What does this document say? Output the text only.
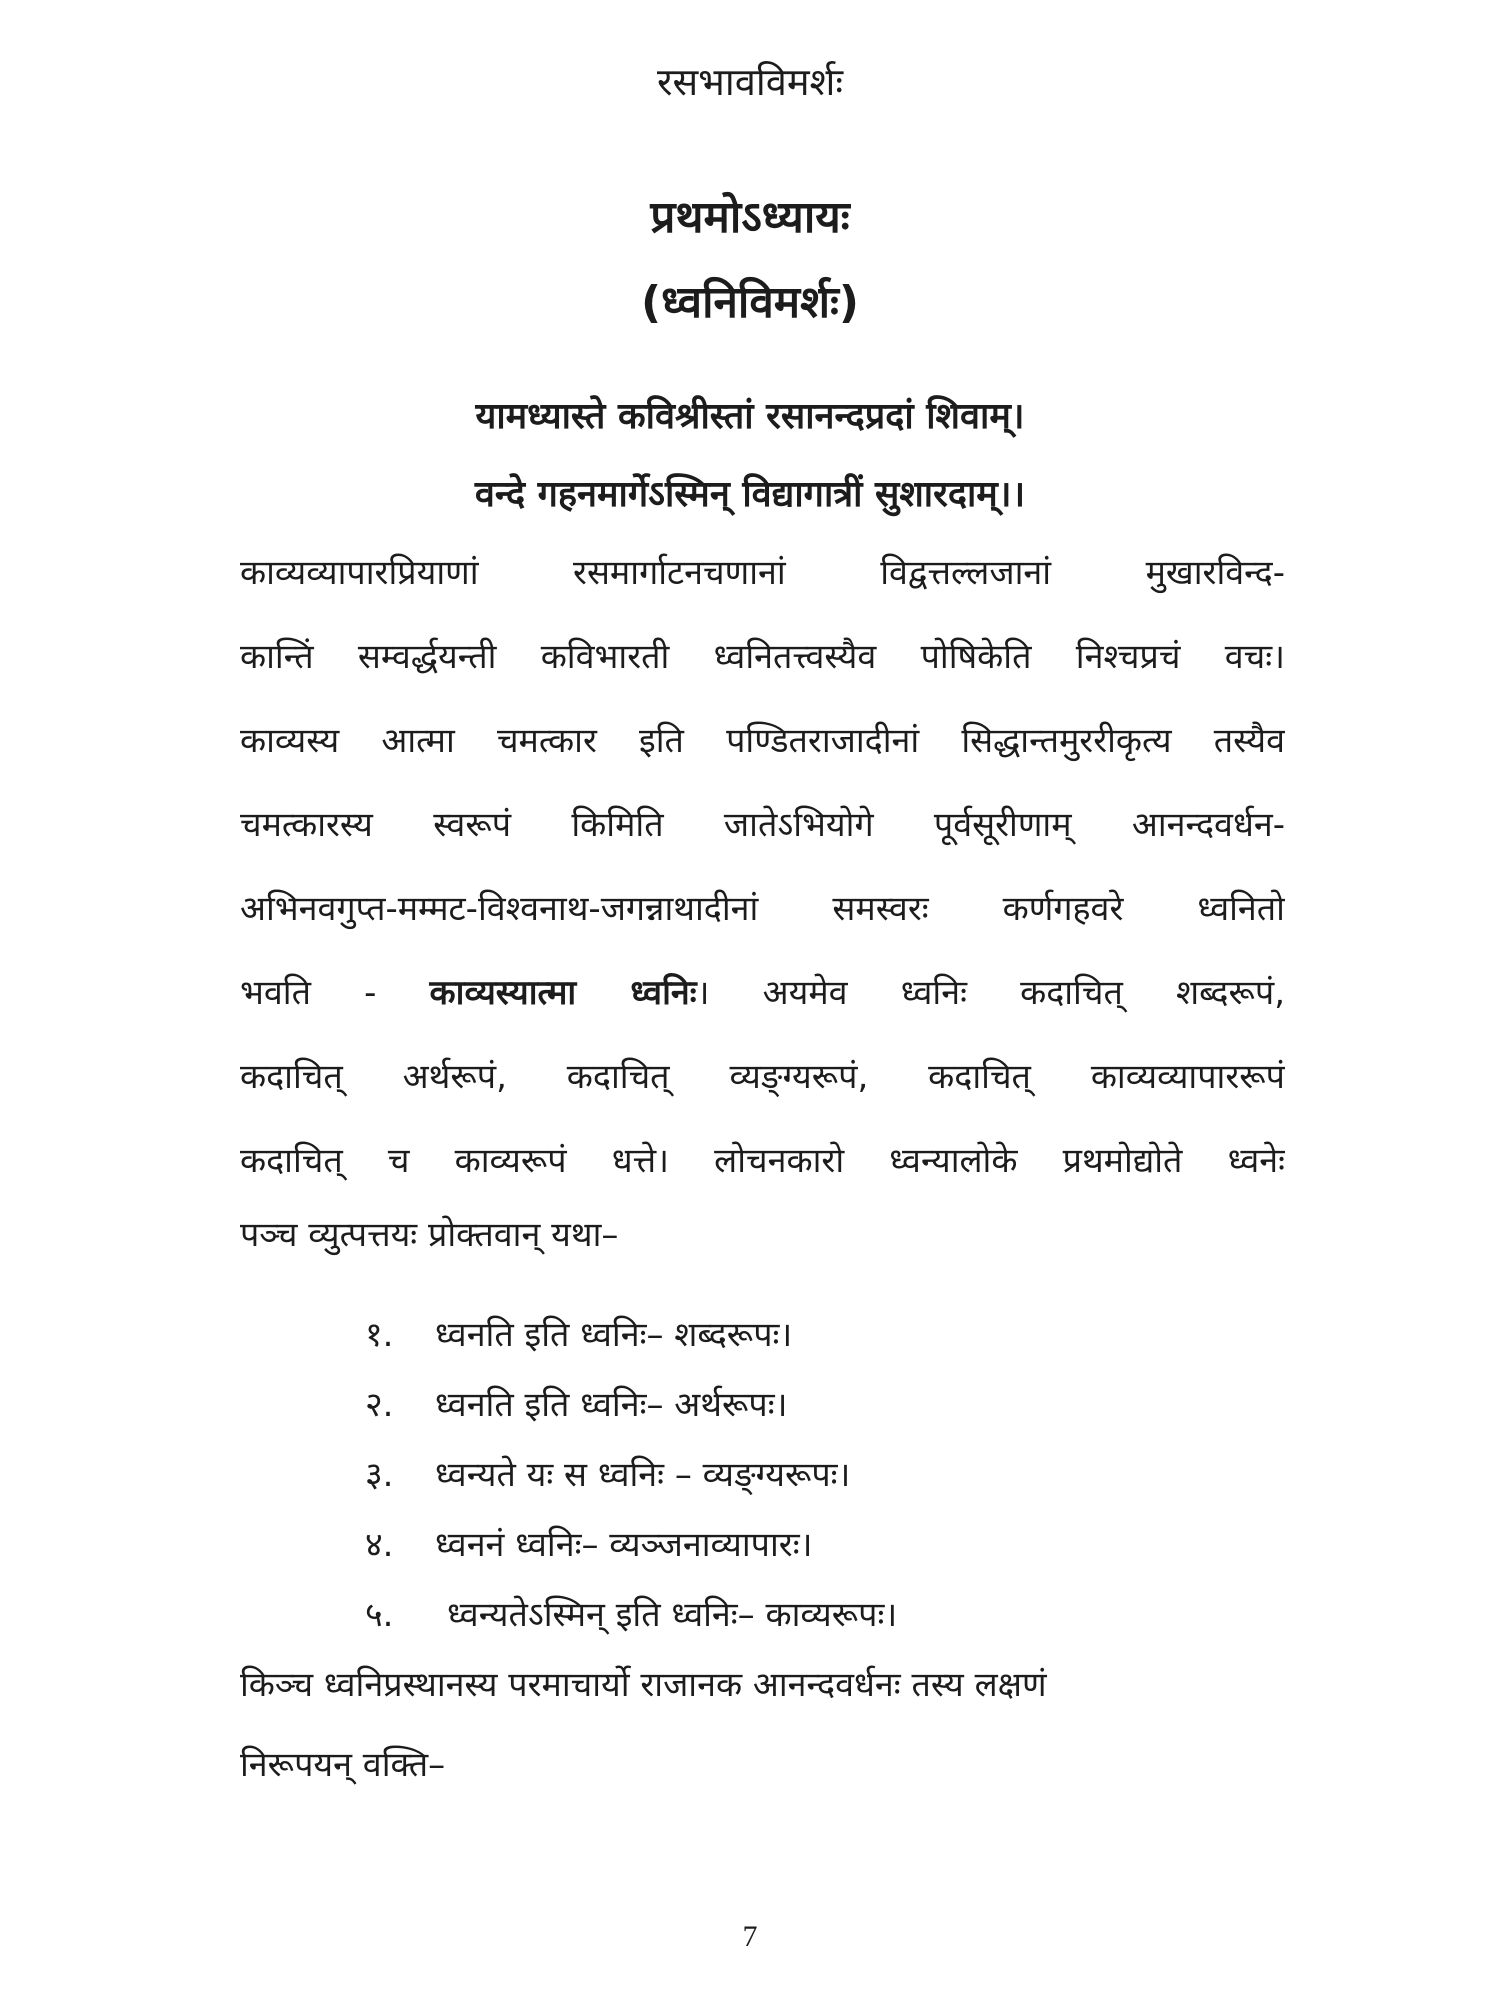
रसभावविमर्शः
प्रथमोऽध्यायः
(ध्वनिविमर्शः)
यामध्यास्ते कविश्रीस्तां रसानन्दप्रदां शिवाम्।
वन्दे गहनमार्गेऽस्मिन् विद्यागात्रीं सुशारदाम्।।
काव्यव्यापारप्रियाणां रसमार्गाटनचणानां विद्वत्तल्लजानां मुखारविन्द-
कान्तिं सम्वर्द्धयन्ती कविभारती ध्वनितत्त्वस्यैव पोषिकेति निश्चप्रचं वचः।
काव्यस्य आत्मा चमत्कार इति पण्डितराजादीनां सिद्धान्तमुररीकृत्य तस्यैव
चमत्कारस्य स्वरूपं किमिति जातेऽभियोगे पूर्वसूरीणाम् आनन्दवर्धन-
अभिनवगुप्त-मम्मट-विश्वनाथ-जगन्नाथादीनां समस्वरः कर्णगहवरे ध्वनितो
भवति - काव्यस्यात्मा ध्वनिः। अयमेव ध्वनिः कदाचित् शब्दरूपं,
कदाचित् अर्थरूपं, कदाचित् व्यङ्ग्यरूपं, कदाचित् काव्यव्यापाररूपं
कदाचित् च काव्यरूपं धत्ते। लोचनकारो ध्वन्यालोके प्रथमोद्योते ध्वनेः
पञ्च व्युत्पत्तयः प्रोक्तवान् यथा–
१. ध्वनति इति ध्वनिः– शब्दरूपः।
२. ध्वनति इति ध्वनिः– अर्थरूपः।
३. ध्वन्यते यः स ध्वनिः – व्यङ्ग्यरूपः।
४. ध्वननं ध्वनिः– व्यञ्जनाव्यापारः।
५. ध्वन्यतेऽस्मिन् इति ध्वनिः– काव्यरूपः।
किञ्च ध्वनिप्रस्थानस्य परमाचार्यो राजानक आनन्दवर्धनः तस्य लक्षणं
निरूपयन् वक्ति–
7
